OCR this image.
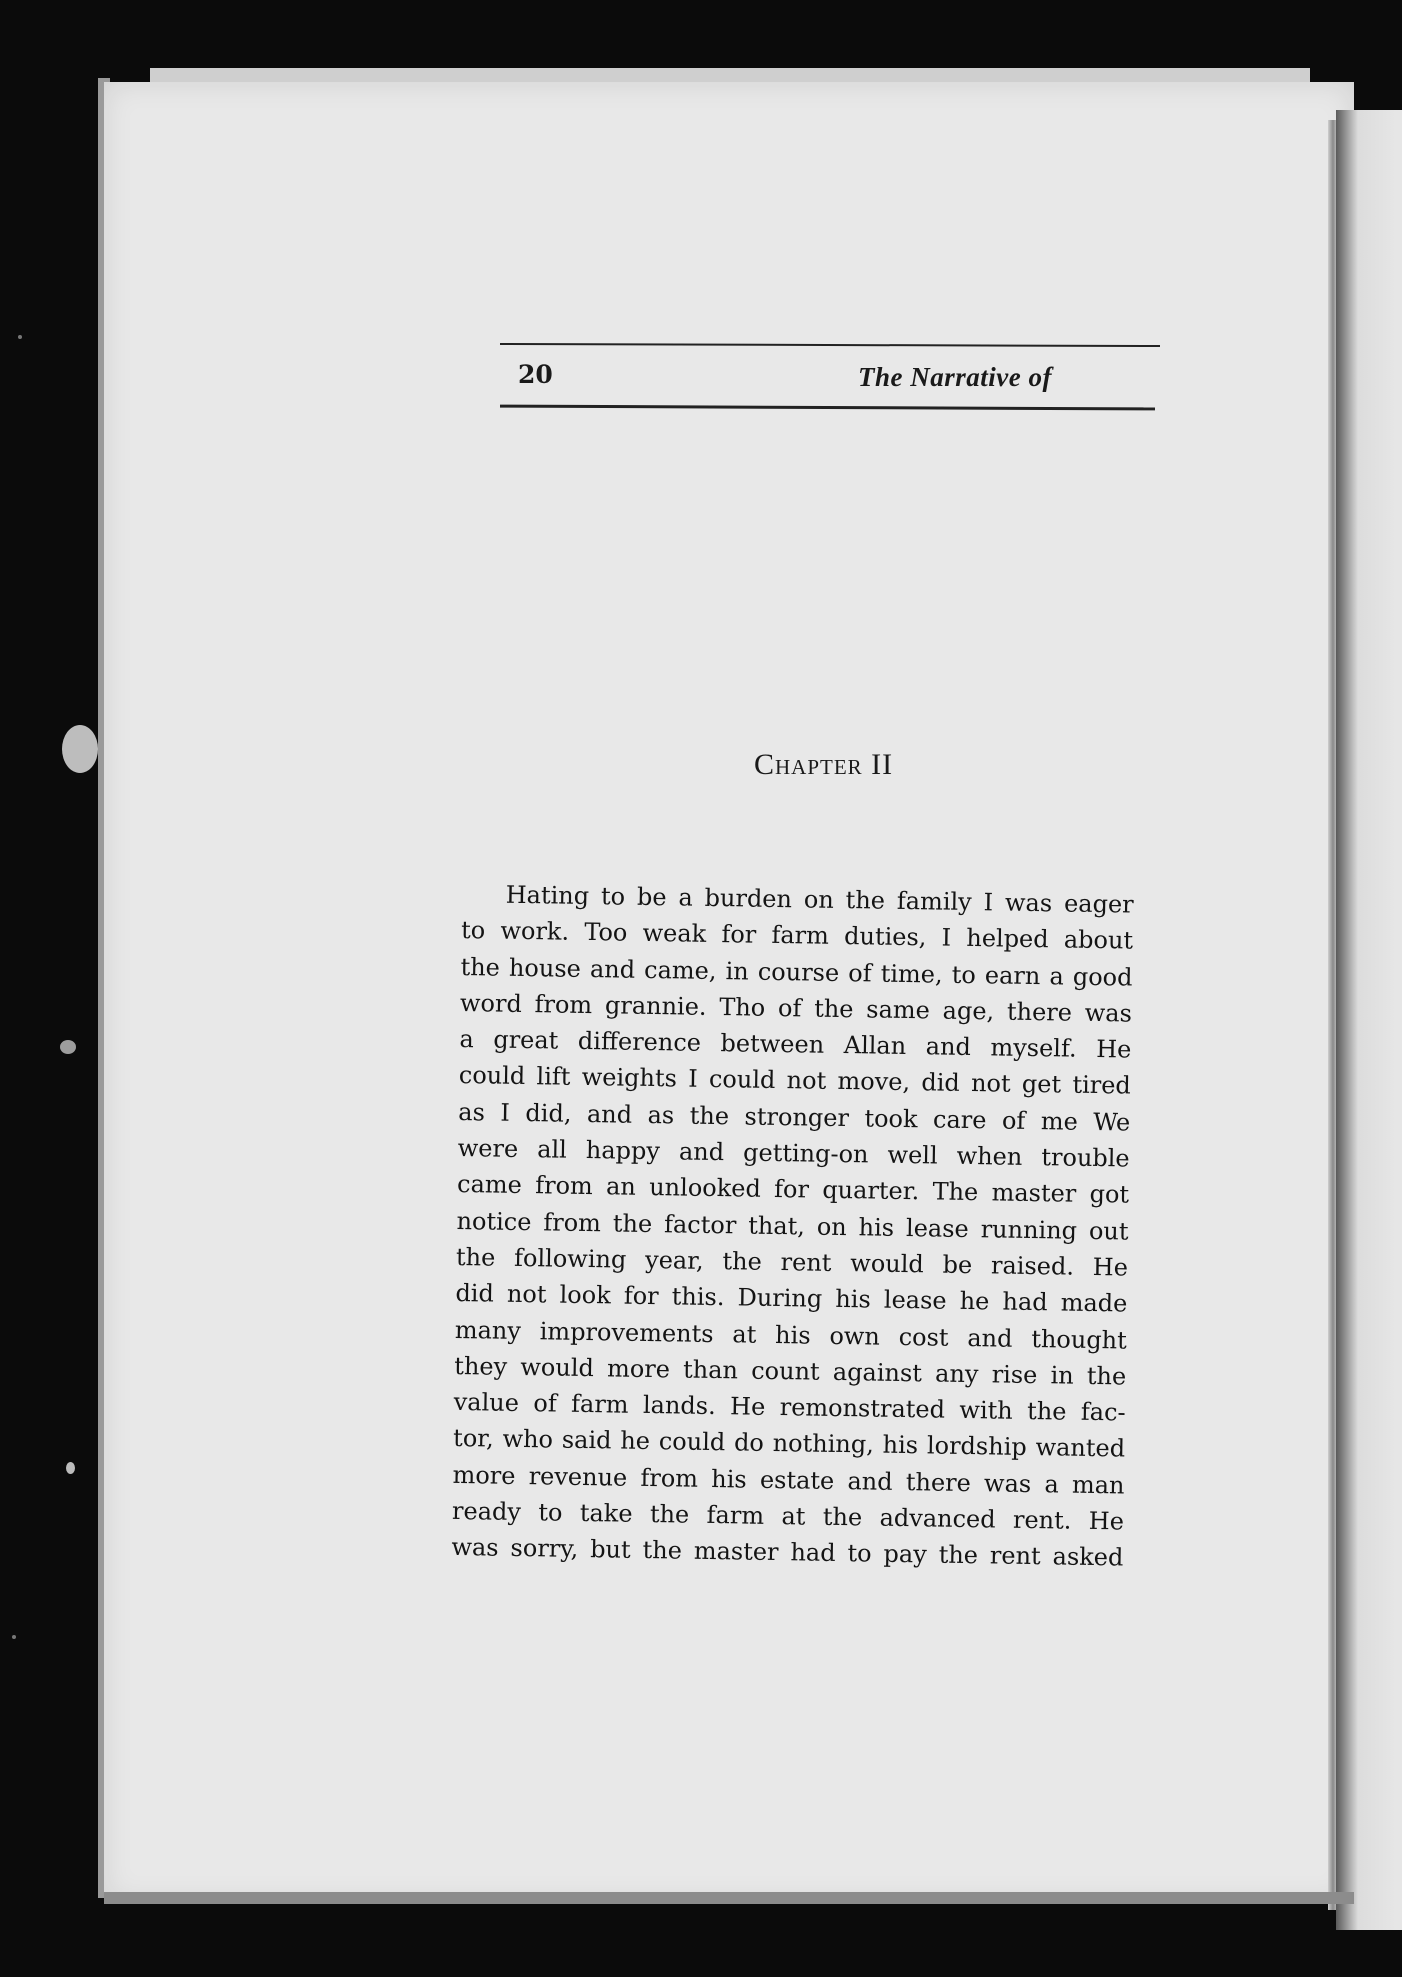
20	The Narrative of
Chapter II
Hating to be a burden on the family I was eager
to work. Too weak for farm duties, I helped about
the house and came, in course of time, to earn a good
word from grannie. Tho of the same age, there was
a great difference between Allan and myself. He
could lift weights I could not move, did not get tired
as I did, and as the stronger took care of me We
were all happy and getting-on well when trouble
came from an unlooked for quarter. The master got
notice from the factor that, on his lease running out
the following year, the rent would be raised. He
did not look for this. During his lease he had made
many improvements at his own cost and thought
they would more than count against any rise in the
value of farm lands. He remonstrated with the fac-
tor, who said he could do nothing, his lordship wanted
more revenue from his estate and there was a man
ready to take the farm at the advanced rent. He
was sorry, but the master had to pay the rent asked
